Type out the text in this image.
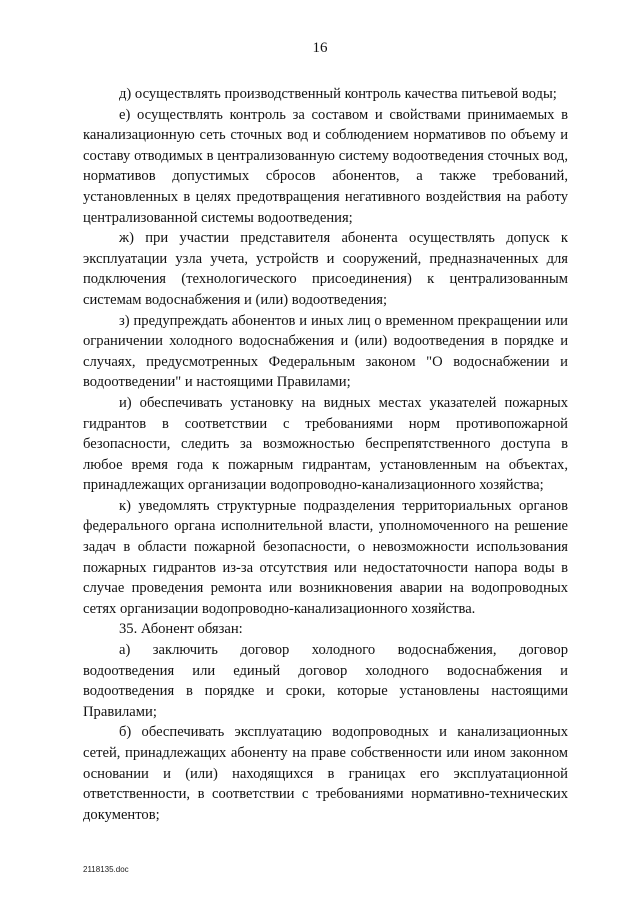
16

д) осуществлять производственный контроль качества питьевой воды;

е) осуществлять контроль за составом и свойствами принимаемых в канализационную сеть сточных вод и соблюдением нормативов по объему и составу отводимых в централизованную систему водоотведения сточных вод, нормативов допустимых сбросов абонентов, а также требований, установленных в целях предотвращения негативного воздействия на работу централизованной системы водоотведения;

ж) при участии представителя абонента осуществлять допуск к эксплуатации узла учета, устройств и сооружений, предназначенных для подключения (технологического присоединения) к централизованным системам водоснабжения и (или) водоотведения;

з) предупреждать абонентов и иных лиц о временном прекращении или ограничении холодного водоснабжения и (или) водоотведения в порядке и случаях, предусмотренных Федеральным законом "О водоснабжении и водоотведении" и настоящими Правилами;

и) обеспечивать установку на видных местах указателей пожарных гидрантов в соответствии с требованиями норм противопожарной безопасности, следить за возможностью беспрепятственного доступа в любое время года к пожарным гидрантам, установленным на объектах, принадлежащих организации водопроводно-канализационного хозяйства;

к) уведомлять структурные подразделения территориальных органов федерального органа исполнительной власти, уполномоченного на решение задач в области пожарной безопасности, о невозможности использования пожарных гидрантов из-за отсутствия или недостаточности напора воды в случае проведения ремонта или возникновения аварии на водопроводных сетях организации водопроводно-канализационного хозяйства.

35. Абонент обязан:

а) заключить договор холодного водоснабжения, договор водоотведения или единый договор холодного водоснабжения и водоотведения в порядке и сроки, которые установлены настоящими Правилами;

б) обеспечивать эксплуатацию водопроводных и канализационных сетей, принадлежащих абоненту на праве собственности или ином законном основании и (или) находящихся в границах его эксплуатационной ответственности, в соответствии с требованиями нормативно-технических документов;

2118135.doc
